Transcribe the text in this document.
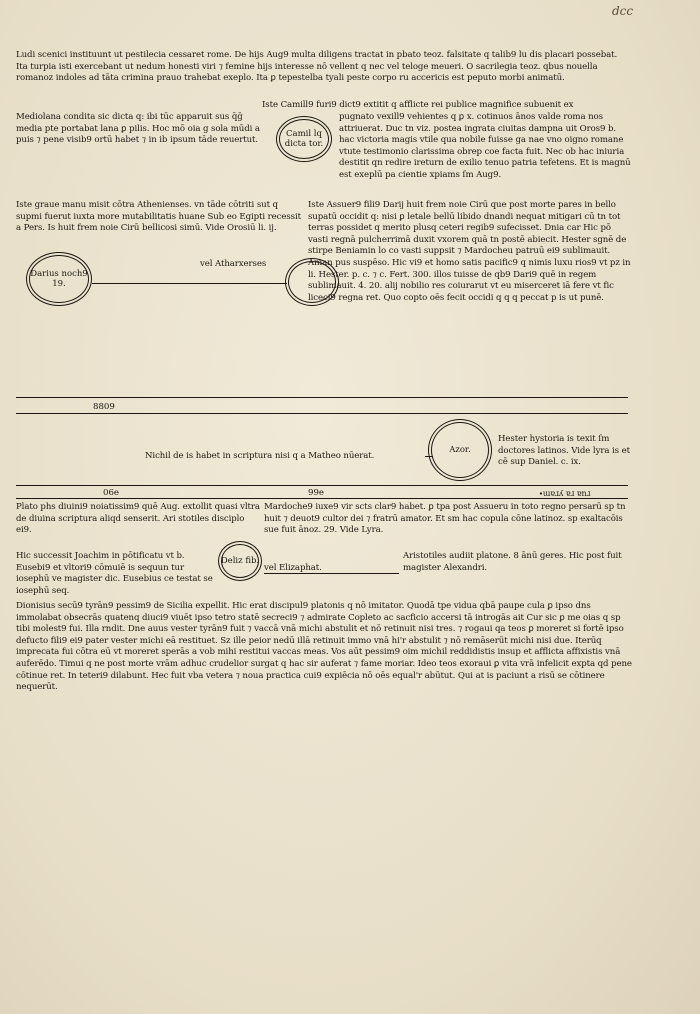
dcc
Ludi scenici instituunt ut pestilecia cessaret rome. De hijs Aug9 multa diligens tractat in pbato teoz. falsitate q talib9 lu dis placari possebat. Ita turpia isti exercebant ut nedum honesti viri ⁊ femine hijs interesse nō vellent q nec vel teloge meueri. O sacrilegia teoz. qbus nouella romanoz indoles ad tāta crimina prauo trahebat exeplo. Ita ꝑ tepestelba tyali peste corpo ru accericis est peputo morbi animatū.
Iste Camill9 furi9 dict9 extitit q afflicte rei publice magnifice subuenit ex
Mediolana condita sic dicta q: ibi tūc apparuit sus q̄ḡ media pte portabat lana ꝑ pilis. Hoc mō oia g sola mūdi a puis ⁊ pene visib9 ortū habet ⁊ in ib ipsum tāde reuertut.
Camil lq dicta tor.
pugnato vexill9 vehientes q ꝑ x. cotinuos ānos valde roma nos attriuerat. Duc tn viz. postea ingrata ciuitas dampna uit Oros9 b. hac victoria magis vtile qua nobile fuisse ga nae vno oigno romane vtute testimonio clarissima obrep coe facta fuit. Nec ob hac iniuria destitit qn redire ireturn de exilio tenuo patria tefetens. Et is magnū est exeplū pa cientie xpiams ſm Aug9.
Iste graue manu misit cōtra Athenienses. vn tāde cōtriti sut q supmi fuerut iuxta more mutabilitatis huane Sub eo Egipti recessit a Pers. Is huit frem noie Cirū bellicosi simū. Vide Orosiū li. ij.
Iste Assuer9 fili9 Darij huit frem noie Cirū que post morte pares in bello supatū occidit q: nisi ꝑ letale bellū libido dnandi nequat mitigari cū tn tot terras possidet q merito plusq ceteri regib9 sufecisset. Dnia car Hic pō vasti regnā pulcherrimā duxit vxorem quā tn postē abiecit. Hester sgnē de stirpe Beniamin lo co vasti suppsit ⁊ Mardocheu patruū ei9 sublimauit. Aman pus suspēso. Hic vi9 et homo satis pacific9 q nimis luxu rios9 vt pz in li. Hester. p. c. ⁊ c. Fert. 300. illos tuisse de qb9 Dari9 quē in regem sublimauit. 4. 20. alij nobilio res coiurarut vt eu miserceret iā fere vt fic liceci9 regna ret. Quo copto oēs fecit occidi q q q peccat p is ut punē.
Darius noch9 19.
vel Atharxerses
8809
Nichil de is habet in scriptura nisi q a Matheo nūerat.
Azor.
Hester hystoria is texit ſm doctores latinos. Vide lyra is et cē sup Daniel. c. ix.
06e	99e	∙ɯɐɹʎ ɐɹ ɐnɹ
Plato phs diuini9 noiatissim9 quē Aug. extollit quasi vltra de diuina scriptura aliqd senserit. Ari stotiles disciplo ei9.
Mardoche9 iuxe9 vir scts clar9 habet. ꝑ tpa post Assueru in toto regno persarū sp tn huit ⁊ deuot9 cultor dei ⁊ fratrū amator. Et sm hac copula cōne latinoz. sp exaltacōis sue fuit ānoz. 29. Vide Lyra.
Hic successit Joachim in pōtificatu vt b. Eusebi9 et vltori9 cōmuiē is sequun tur iosephū ve magister dic. Eusebius ce testat se iosephū seq.
Deliz fib.
vel Elizaphat.
Aristotiles audiit platone. 8 ānū geres. Hic post fuit magister Alexandri.
Dionisius secū9 tyrān9 pessim9 de Sicilia expellit. Hic erat discipul9 platonis q nō imitator. Quodā tpe vidua qbā paupe cula ꝑ ipso dns immolabat obsecrās quatenq diuci9 viuēt ipso tetro statē secreci9 ⁊ admirate Copleto ac sacficio accersi tā introgās ait Cur sic ꝑ me oias q sp tibi molest9 fui. Illa rndit. Dne auus vester tyrān9 fuit ⁊ vaccā vnā michi abstulit et nō retinuit nisi tres. ⁊ rogaui qa teos ꝑ moreret si fortē ipso defucto fili9 ei9 pater vester michi eā restituet. Sz ille peior nedū illā retinuit immo vnā hi'r abstulit ⁊ nō remāserūt michi nisi due. Iterūq imprecata fui cōtra eū vt moreret sperās a vob mihi restitui vaccas meas. Vos aūt pessim9 oim michil reddidistis insup et afflicta affixistis vnā auferēdo. Timui q ne post morte vrām adhuc crudelior surgat q hac sir auferat ⁊ fame moriar. Ideo teos exoraui ꝑ vita vrā infelicit expta qd pene cōtinue ret. In teteri9 dilabunt. Hec fuit vba vetera ⁊ noua practica cui9 expiēcia nō oēs equal'r abūtut. Qui at is paciunt a risū se cōtinere nequerūt.
